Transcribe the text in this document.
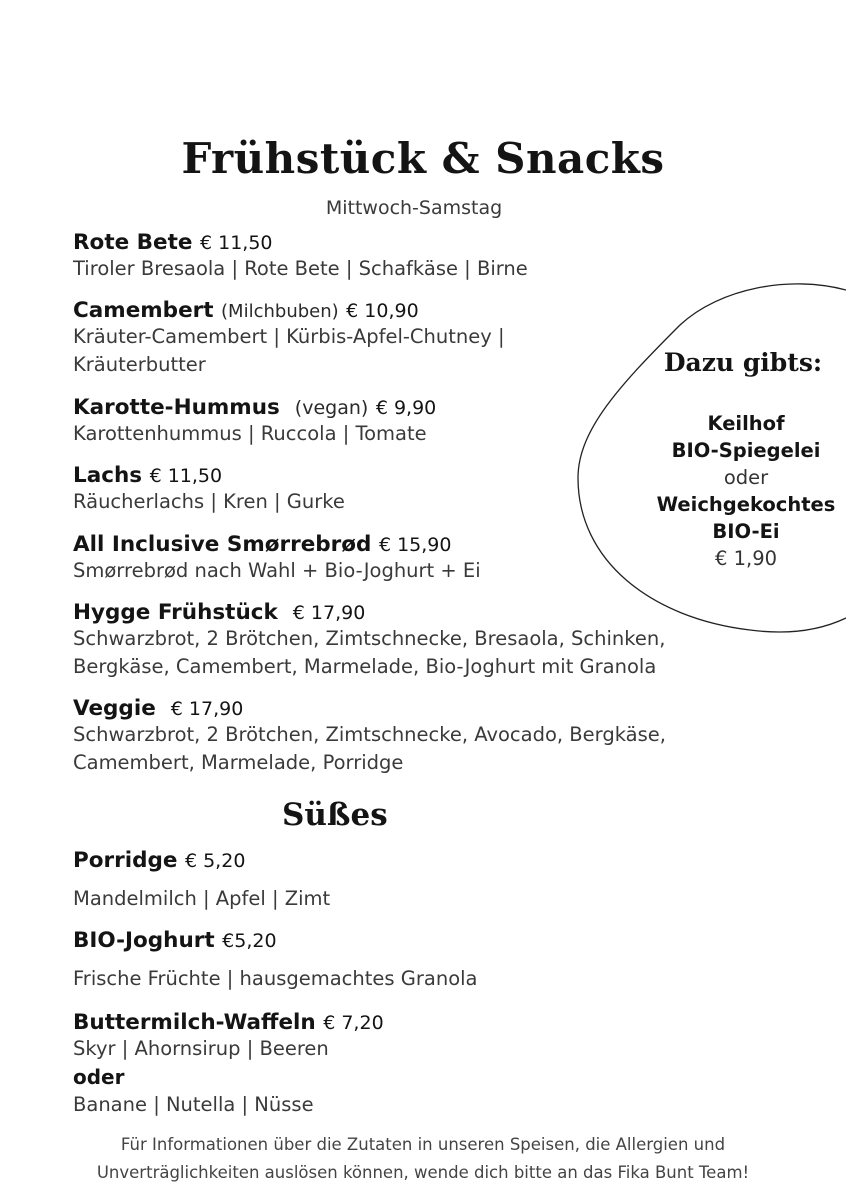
Frühstück & Snacks
Mittwoch-Samstag
Rote Bete € 11,50
Tiroler Bresaola | Rote Bete | Schafkäse | Birne
Camembert (Milchbuben) € 10,90
Kräuter-Camembert | Kürbis-Apfel-Chutney |
Kräuterbutter
Karotte-Hummus (vegan) € 9,90
Karottenhummus | Ruccola | Tomate
Lachs € 11,50
Räucherlachs | Kren | Gurke
All Inclusive Smørrebrød € 15,90
Smørrebrød nach Wahl + Bio-Joghurt + Ei
Hygge Frühstück € 17,90
Schwarzbrot, 2 Brötchen, Zimtschnecke, Bresaola, Schinken,
Bergkäse, Camembert, Marmelade, Bio-Joghurt mit Granola
Veggie € 17,90
Schwarzbrot, 2 Brötchen, Zimtschnecke, Avocado, Bergkäse,
Camembert, Marmelade, Porridge
Süßes
Porridge € 5,20
Mandelmilch | Apfel | Zimt
BIO-Joghurt €5,20
Frische Früchte | hausgemachtes Granola
Buttermilch-Waffeln € 7,20
Skyr | Ahornsirup | Beeren
oder
Banane | Nutella | Nüsse
Dazu gibts:
Keilhof
BIO-Spiegelei
oder
Weichgekochtes
BIO-Ei
€ 1,90
Für Informationen über die Zutaten in unseren Speisen, die Allergien und
Unverträglichkeiten auslösen können, wende dich bitte an das Fika Bunt Team!
